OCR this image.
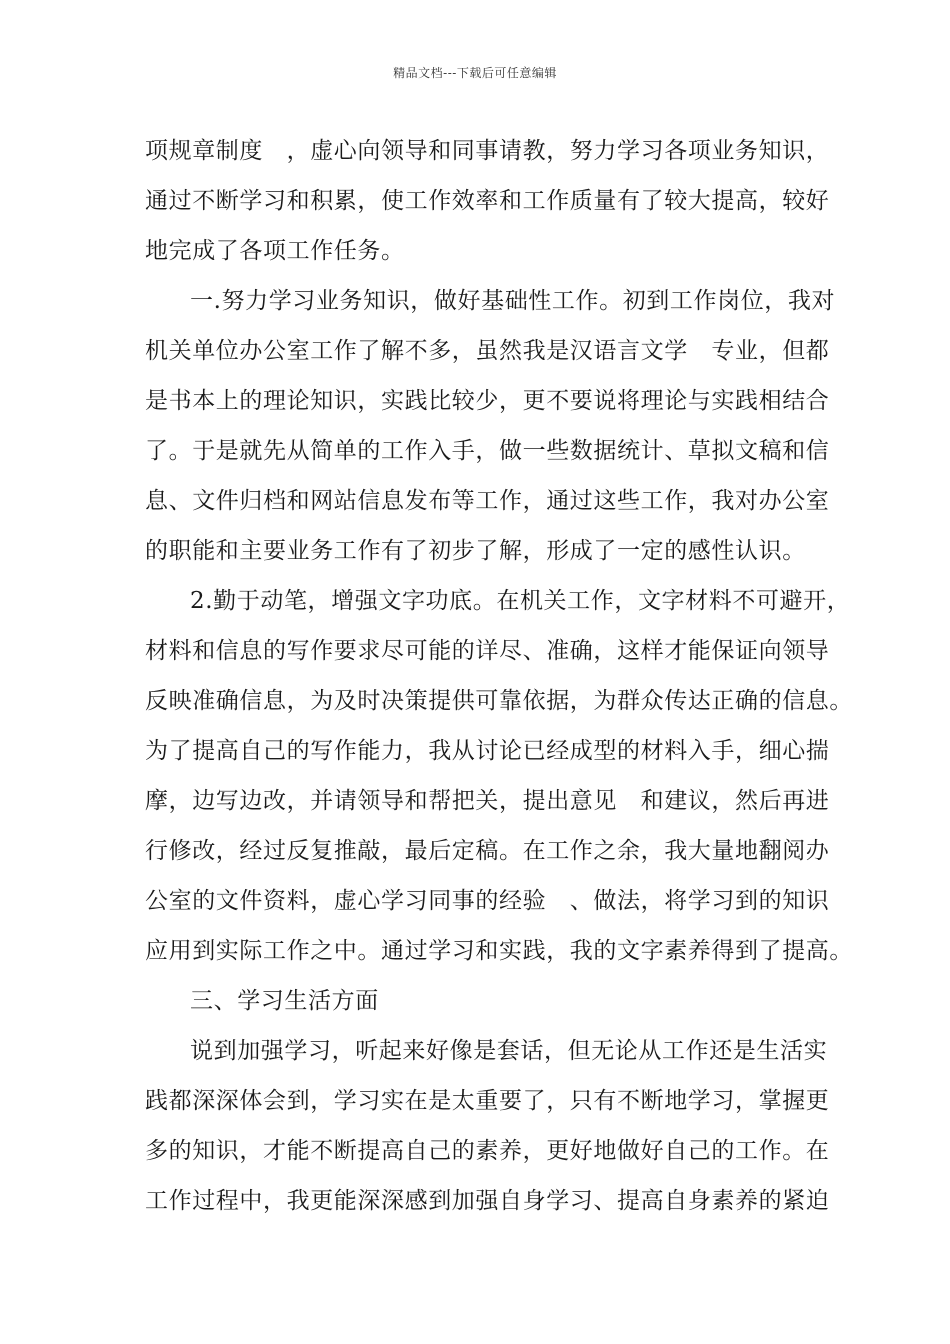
精品文档---下载后可任意编辑
项规章制度　，虚心向领导和同事请教，努力学习各项业务知识，
通过不断学习和积累，使工作效率和工作质量有了较大提高，较好
地完成了各项工作任务。
一.努力学习业务知识，做好基础性工作。初到工作岗位，我对
机关单位办公室工作了解不多，虽然我是汉语言文学　专业，但都
是书本上的理论知识，实践比较少，更不要说将理论与实践相结合
了。于是就先从简单的工作入手，做一些数据统计、草拟文稿和信
息、文件归档和网站信息发布等工作，通过这些工作，我对办公室
的职能和主要业务工作有了初步了解，形成了一定的感性认识。
2.勤于动笔，增强文字功底。在机关工作，文字材料不可避开，
材料和信息的写作要求尽可能的详尽、准确，这样才能保证向领导
反映准确信息，为及时决策提供可靠依据，为群众传达正确的信息。
为了提高自己的写作能力，我从讨论已经成型的材料入手，细心揣
摩，边写边改，并请领导和帮把关，提出意见　和建议，然后再进
行修改，经过反复推敲，最后定稿。在工作之余，我大量地翻阅办
公室的文件资料，虚心学习同事的经验　、做法，将学习到的知识
应用到实际工作之中。通过学习和实践，我的文字素养得到了提高。
三、学习生活方面
说到加强学习，听起来好像是套话，但无论从工作还是生活实
践都深深体会到，学习实在是太重要了，只有不断地学习，掌握更
多的知识，才能不断提高自己的素养，更好地做好自己的工作。在
工作过程中，我更能深深感到加强自身学习、提高自身素养的紧迫
